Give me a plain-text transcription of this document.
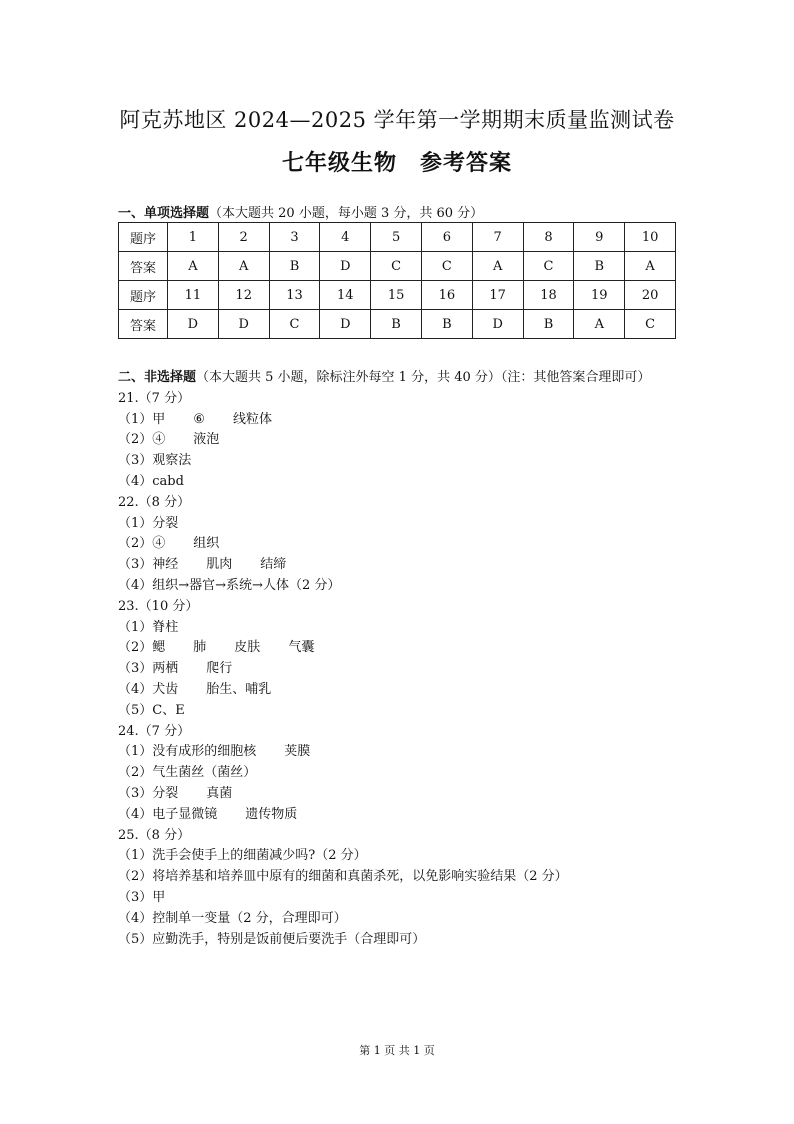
阿克苏地区 2024—2025 学年第一学期期末质量监测试卷
七年级生物　参考答案
一、单项选择题（本大题共 20 小题，每小题 3 分，共 60 分）
题序	1	2	3	4	5	6	7	8	9	10
答案	A	A	B	D	C	C	A	C	B	A
题序	11	12	13	14	15	16	17	18	19	20
答案	D	D	C	D	B	B	D	B	A	C
二、非选择题（本大题共 5 小题，除标注外每空 1 分，共 40 分）（注：其他答案合理即可）
21.（7 分）
（1）甲 ⑥ 线粒体
（2）④ 液泡
（3）观察法
（4）cabd
22.（8 分）
（1）分裂
（2）④ 组织
（3）神经 肌肉 结缔
（4）组织→器官→系统→人体（2 分）
23.（10 分）
（1）脊柱
（2）鳃 肺 皮肤 气囊
（3）两栖 爬行
（4）犬齿 胎生、哺乳
（5）C、E
24.（7 分）
（1）没有成形的细胞核 荚膜
（2）气生菌丝（菌丝）
（3）分裂 真菌
（4）电子显微镜 遗传物质
25.（8 分）
（1）洗手会使手上的细菌减少吗?（2 分）
（2）将培养基和培养皿中原有的细菌和真菌杀死，以免影响实验结果（2 分）
（3）甲
（4）控制单一变量（2 分，合理即可）
（5）应勤洗手，特别是饭前便后要洗手（合理即可）
第 1 页 共 1 页
